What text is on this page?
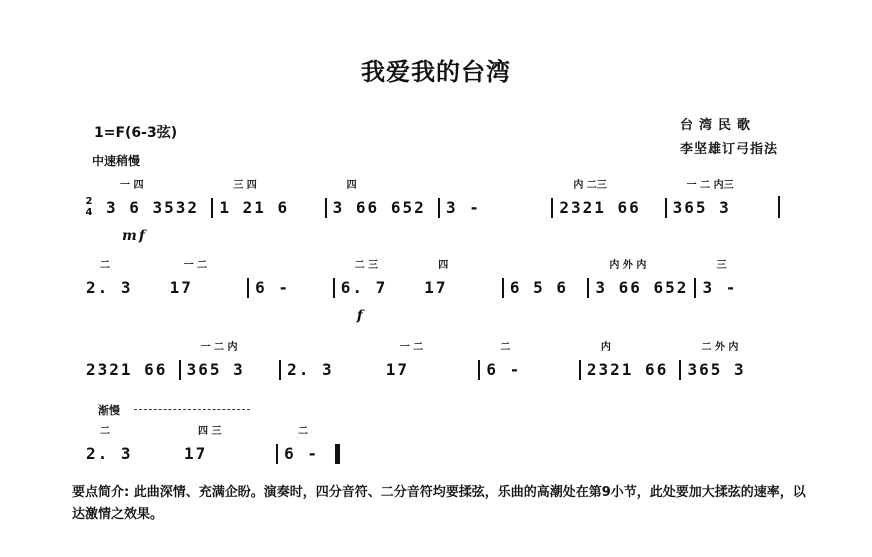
我爱我的台湾
1=F(6-3弦)
中速稍慢
台湾民歌
李坚雄订弓指法
2
4
一 四
3 6 3532
mf
三 四
1 21 6
四
3 66 652	3 -
内 二三
2321 66
一 二 内三
365 3
二
2. 3
一 二
17	6 -
二 三
6. 7
f
四
17	6 5 6
内 外 内
3 66 652
三
3 -
2321 66
一 二 内
365 3	2. 3
一 二
17
二
6 -
内
2321 66
二 外 内
365 3
渐慢
二
2. 3
四 三
17
二
6 -
要点简介: 此曲深情、充满企盼。演奏时，四分音符、二分音符均要揉弦，乐曲的高潮处在第9小节，此处要加大揉弦的速率，以达激情之效果。
